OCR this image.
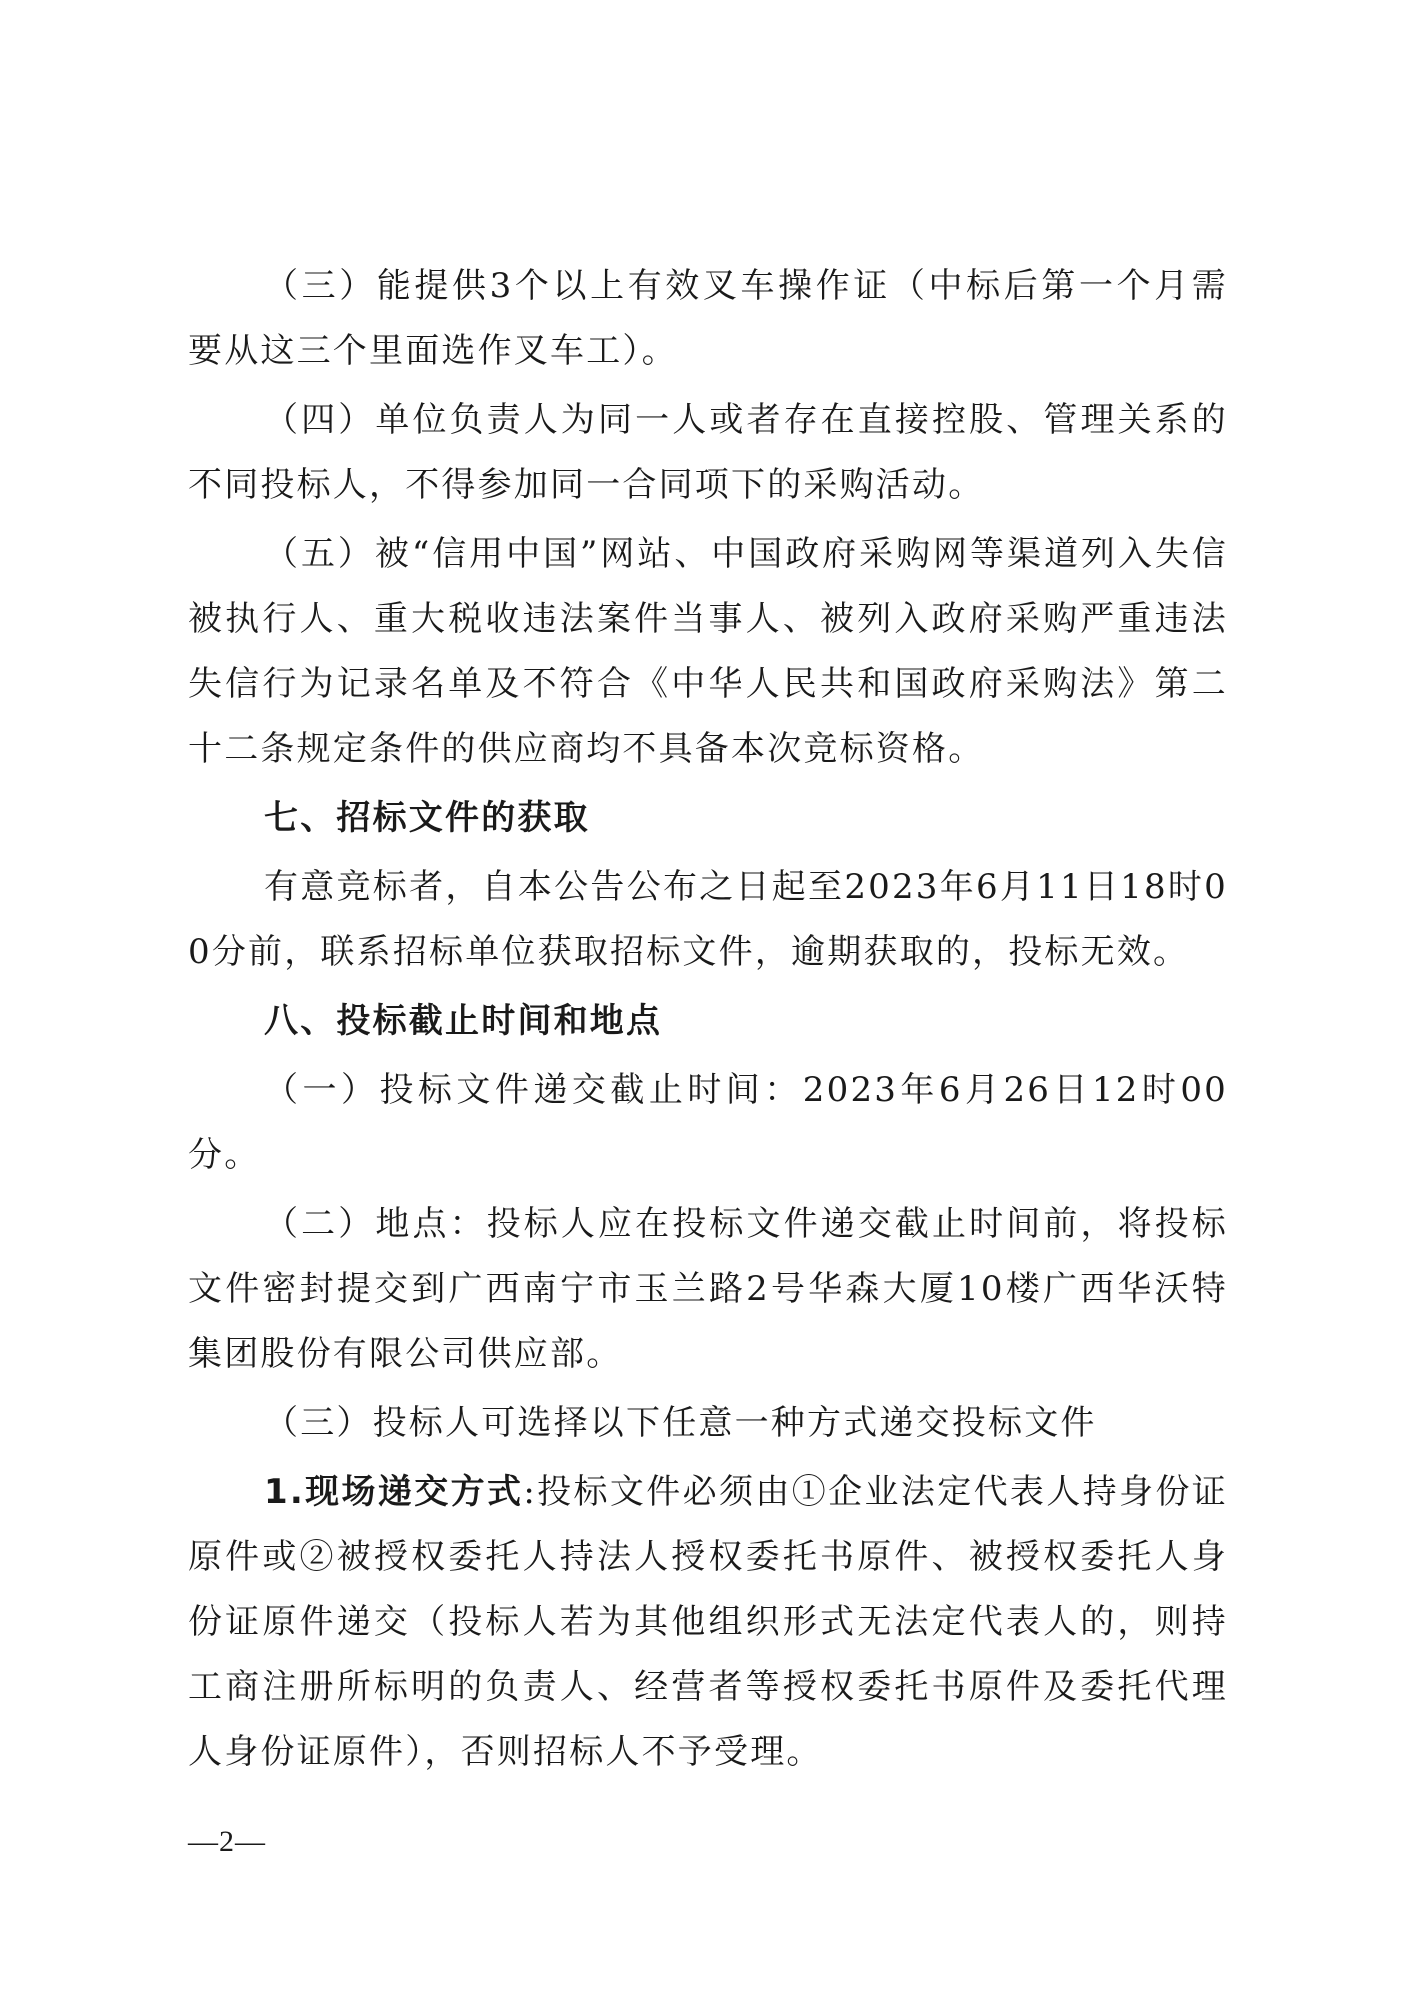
（三）能提供3个以上有效叉车操作证（中标后第一个月需要从这三个里面选作叉车工）。

（四）单位负责人为同一人或者存在直接控股、管理关系的不同投标人，不得参加同一合同项下的采购活动。

（五）被“信用中国”网站、中国政府采购网等渠道列入失信被执行人、重大税收违法案件当事人、被列入政府采购严重违法失信行为记录名单及不符合《中华人民共和国政府采购法》第二十二条规定条件的供应商均不具备本次竞标资格。

七、招标文件的获取

有意竞标者，自本公告公布之日起至2023年6月11日18时00分前，联系招标单位获取招标文件，逾期获取的，投标无效。

八、投标截止时间和地点

（一）投标文件递交截止时间：2023年6月26日12时00分。

（二）地点：投标人应在投标文件递交截止时间前，将投标文件密封提交到广西南宁市玉兰路2号华森大厦10楼广西华沃特集团股份有限公司供应部。

（三）投标人可选择以下任意一种方式递交投标文件

1.现场递交方式:投标文件必须由①企业法定代表人持身份证原件或②被授权委托人持法人授权委托书原件、被授权委托人身份证原件递交（投标人若为其他组织形式无法定代表人的，则持工商注册所标明的负责人、经营者等授权委托书原件及委托代理人身份证原件），否则招标人不予受理。

—2—
